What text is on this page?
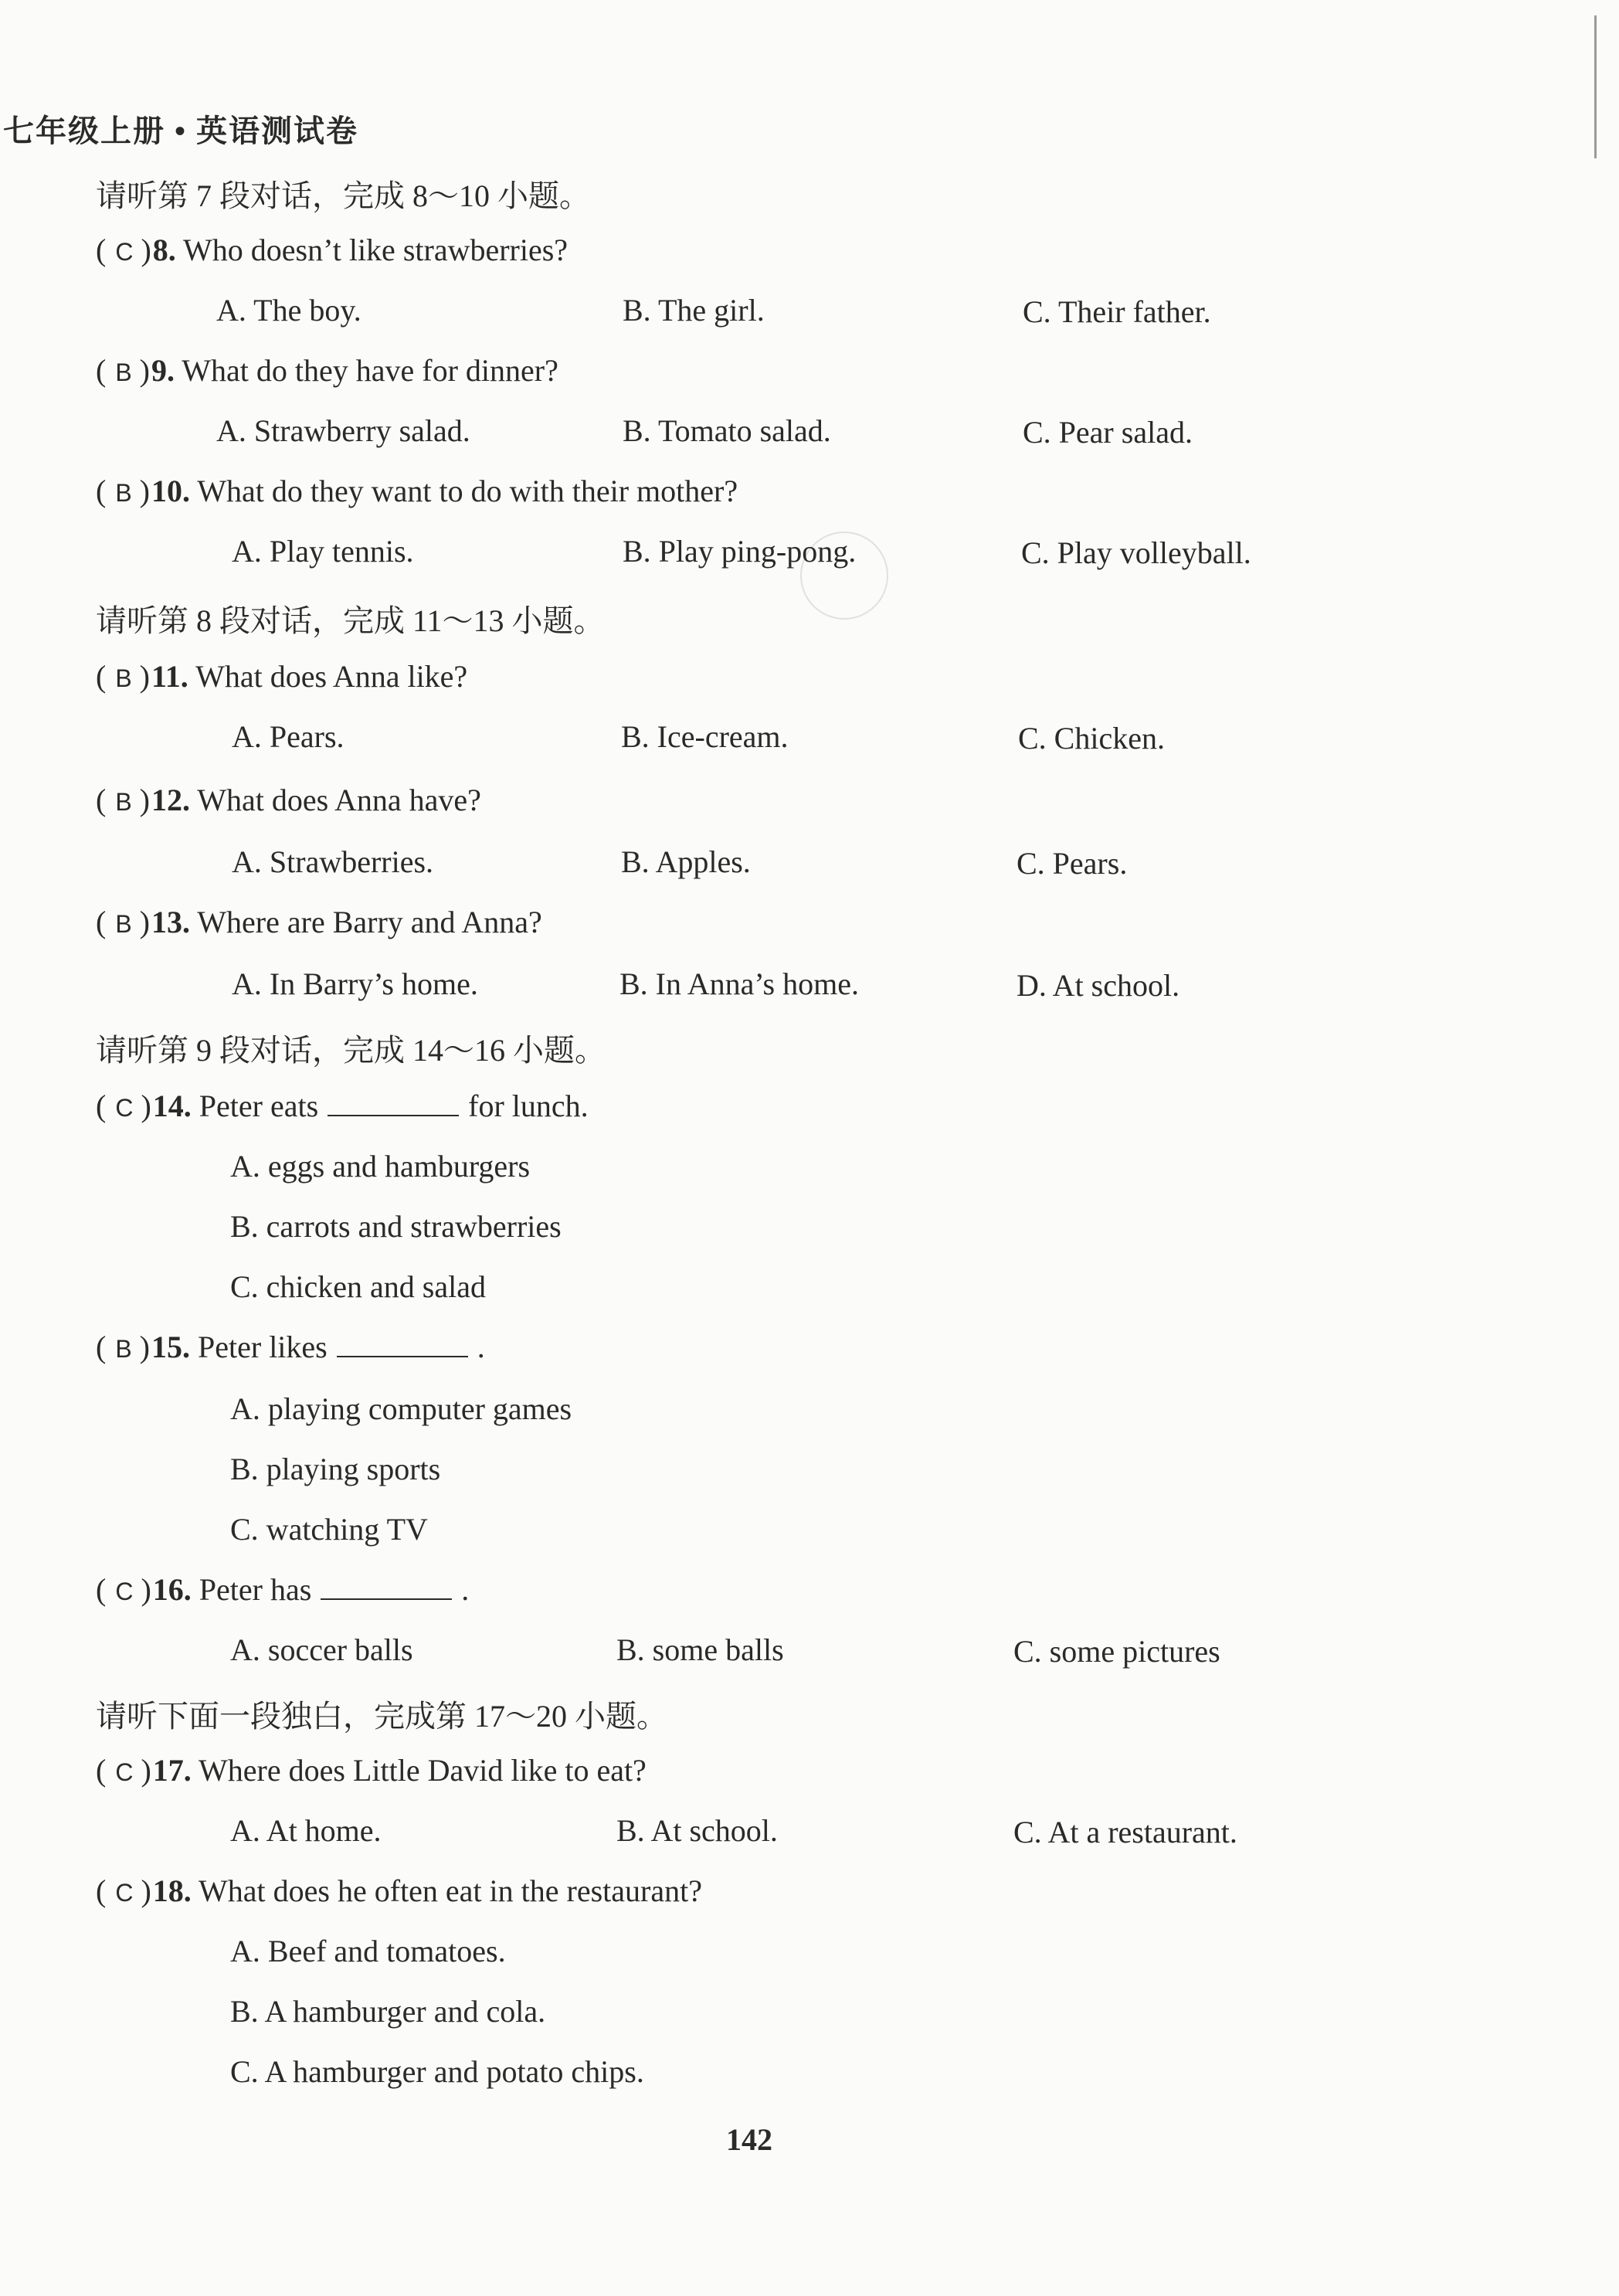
七年级上册 • 英语测试卷
请听第 7 段对话，完成 8～10 小题。
( C )8. Who doesn’t like strawberries?
A. The boy.	B. The girl.	C. Their father.
( B )9. What do they have for dinner?
A. Strawberry salad.	B. Tomato salad.	C. Pear salad.
( B )10. What do they want to do with their mother?
A. Play tennis.	B. Play ping-pong.	C. Play volleyball.
请听第 8 段对话，完成 11～13 小题。
( B )11. What does Anna like?
A. Pears.	B. Ice-cream.	C. Chicken.
( B )12. What does Anna have?
A. Strawberries.	B. Apples.	C. Pears.
( B )13. Where are Barry and Anna?
A. In Barry’s home.	B. In Anna’s home.	D. At school.
请听第 9 段对话，完成 14～16 小题。
( C )14. Peter eats	for lunch.
A. eggs and hamburgers
B. carrots and strawberries
C. chicken and salad
( B )15. Peter likes	.
A. playing computer games
B. playing sports
C. watching TV
( C )16. Peter has	.
A. soccer balls	B. some balls	C. some pictures
请听下面一段独白，完成第 17～20 小题。
( C )17. Where does Little David like to eat?
A. At home.	B. At school.	C. At a restaurant.
( C )18. What does he often eat in the restaurant?
A. Beef and tomatoes.
B. A hamburger and cola.
C. A hamburger and potato chips.
142
